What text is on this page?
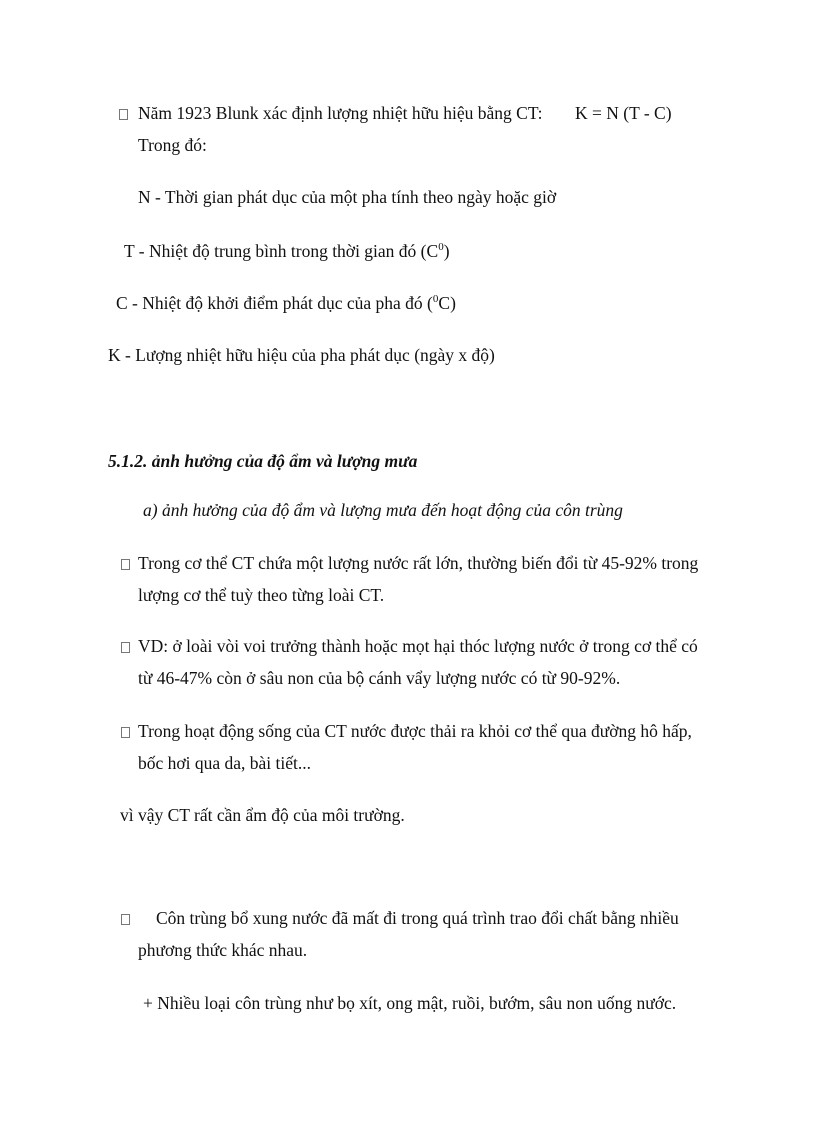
Năm 1923 Blunk xác định lượng nhiệt hữu hiệu bằng CT: K = N (T - C)
Trong đó:
N - Thời gian phát dục của một pha tính theo ngày hoặc giờ
T - Nhiệt độ trung bình trong thời gian đó $(C^0)$
C - Nhiệt độ khởi điểm phát dục của pha đó ($^0$C)
K - Lượng nhiệt hữu hiệu của pha phát dục (ngày x độ)
5.1.2. ảnh hưởng của độ ẩm và lượng mưa
a) ảnh hưởng của độ ẩm và lượng mưa đến hoạt động của côn trùng
Trong cơ thể CT chứa một lượng nước rất lớn, thường biến đổi từ 45-92% trong
lượng cơ thể tuỳ theo từng loài CT.
VD: ở loài vòi voi trưởng thành hoặc mọt hại thóc lượng nước ở trong cơ thể có
từ 46-47% còn ở sâu non của bộ cánh vẩy lượng nước có từ 90-92%.
Trong hoạt động sống của CT nước được thải ra khỏi cơ thể qua đường hô hấp,
bốc hơi qua da, bài tiết...
vì vậy CT rất cần ẩm độ của môi trường.
Côn trùng bổ xung nước đã mất đi trong quá trình trao đổi chất bằng nhiều
phương thức khác nhau.
+ Nhiều loại côn trùng như bọ xít, ong mật, ruồi, bướm, sâu non uống nước.
